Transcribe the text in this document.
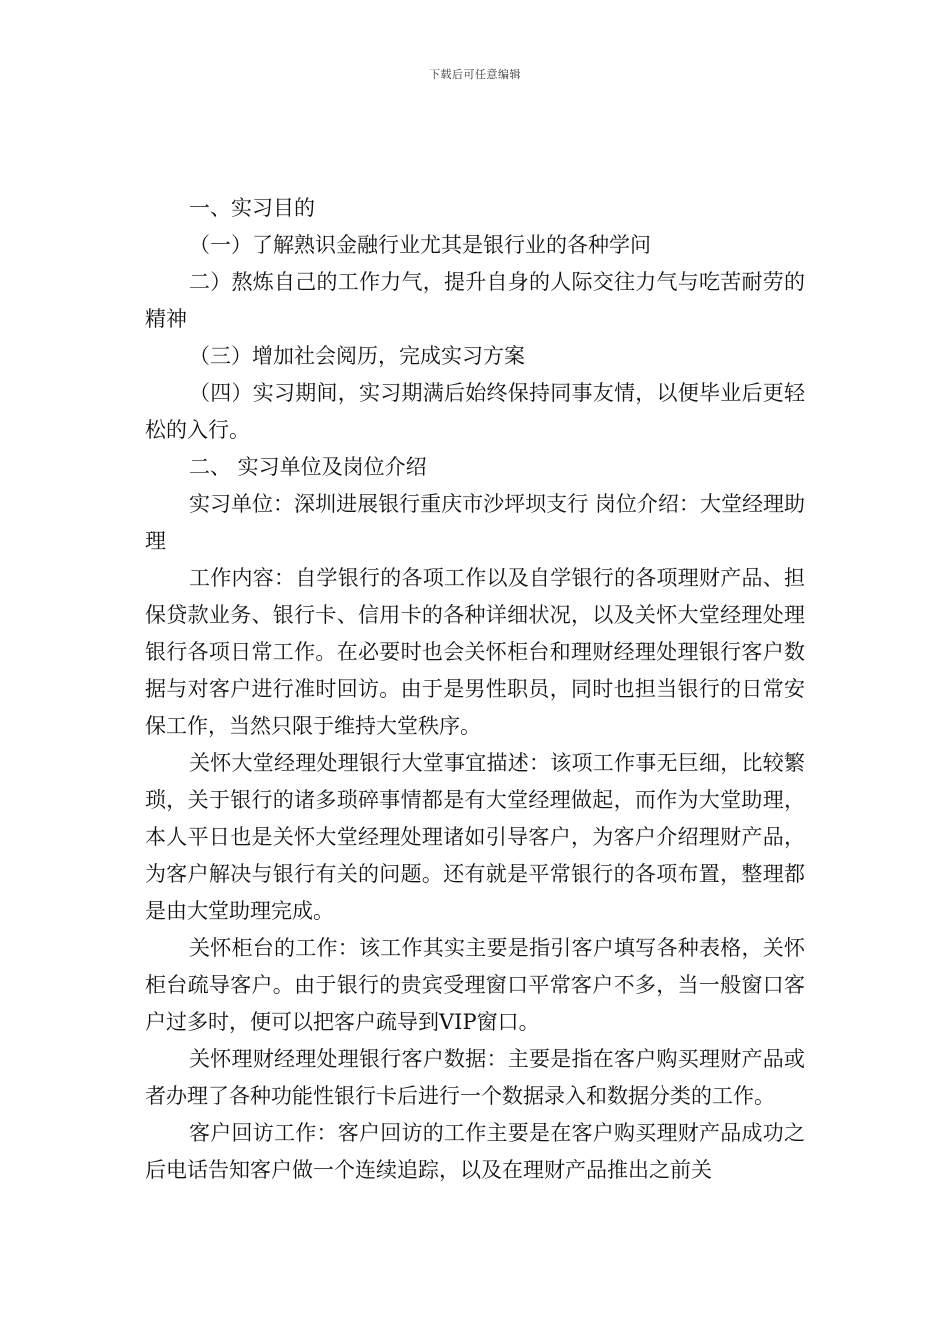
下载后可任意编辑

一、实习目的

（一）了解熟识金融行业尤其是银行业的各种学问

二）熬炼自己的工作力气，提升自身的人际交往力气与吃苦耐劳的精神

（三）增加社会阅历，完成实习方案

（四）实习期间，实习期满后始终保持同事友情，以便毕业后更轻松的入行。

二、 实习单位及岗位介绍

实习单位：深圳进展银行重庆市沙坪坝支行 岗位介绍：大堂经理助理

工作内容：自学银行的各项工作以及自学银行的各项理财产品、担保贷款业务、银行卡、信用卡的各种详细状况，以及关怀大堂经理处理银行各项日常工作。在必要时也会关怀柜台和理财经理处理银行客户数据与对客户进行准时回访。由于是男性职员，同时也担当银行的日常安保工作，当然只限于维持大堂秩序。

关怀大堂经理处理银行大堂事宜描述：该项工作事无巨细，比较繁琐，关于银行的诸多琐碎事情都是有大堂经理做起，而作为大堂助理，本人平日也是关怀大堂经理处理诸如引导客户，为客户介绍理财产品，为客户解决与银行有关的问题。还有就是平常银行的各项布置，整理都是由大堂助理完成。

关怀柜台的工作：该工作其实主要是指引客户填写各种表格，关怀柜台疏导客户。由于银行的贵宾受理窗口平常客户不多，当一般窗口客户过多时，便可以把客户疏导到VIP窗口。

关怀理财经理处理银行客户数据：主要是指在客户购买理财产品或者办理了各种功能性银行卡后进行一个数据录入和数据分类的工作。

客户回访工作：客户回访的工作主要是在客户购买理财产品成功之后电话告知客户做一个连续追踪，以及在理财产品推出之前关
